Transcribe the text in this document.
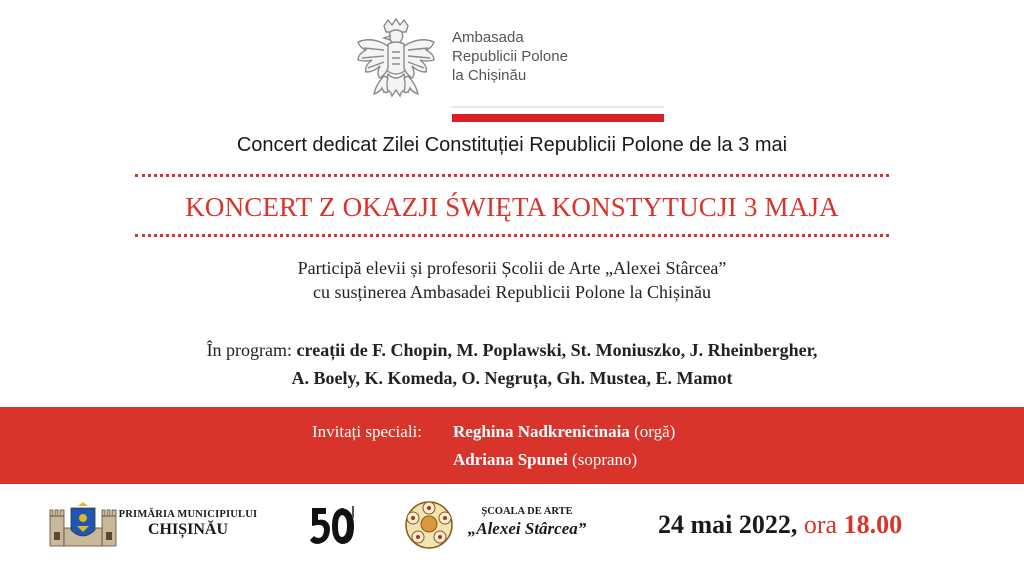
Ambasada
Republicii Polone
la Chișinău
Concert dedicat Zilei Constituției Republicii Polone de la 3 mai
KONCERT Z OKAZJI ŚWIĘTA KONSTYTUCJI 3 MAJA
Participă elevii și profesorii Școlii de Arte „Alexei Stârcea”
cu susținerea Ambasadei Republicii Polone la Chișinău
În program: creații de F. Chopin, M. Poplawski, St. Moniuszko, J. Rheinbergher,
A. Boely, K. Komeda, O. Negruța, Gh. Mustea, E. Mamot
Invitați speciali: Reghina Nadkrenicinaia (orgă)
Adriana Spunei (soprano)
PRIMĂRIA MUNICIPIULUI
CHIȘINĂU
ȘCOALA DE ARTE
„Alexei Stârcea”	24 mai 2022, ora 18.00
